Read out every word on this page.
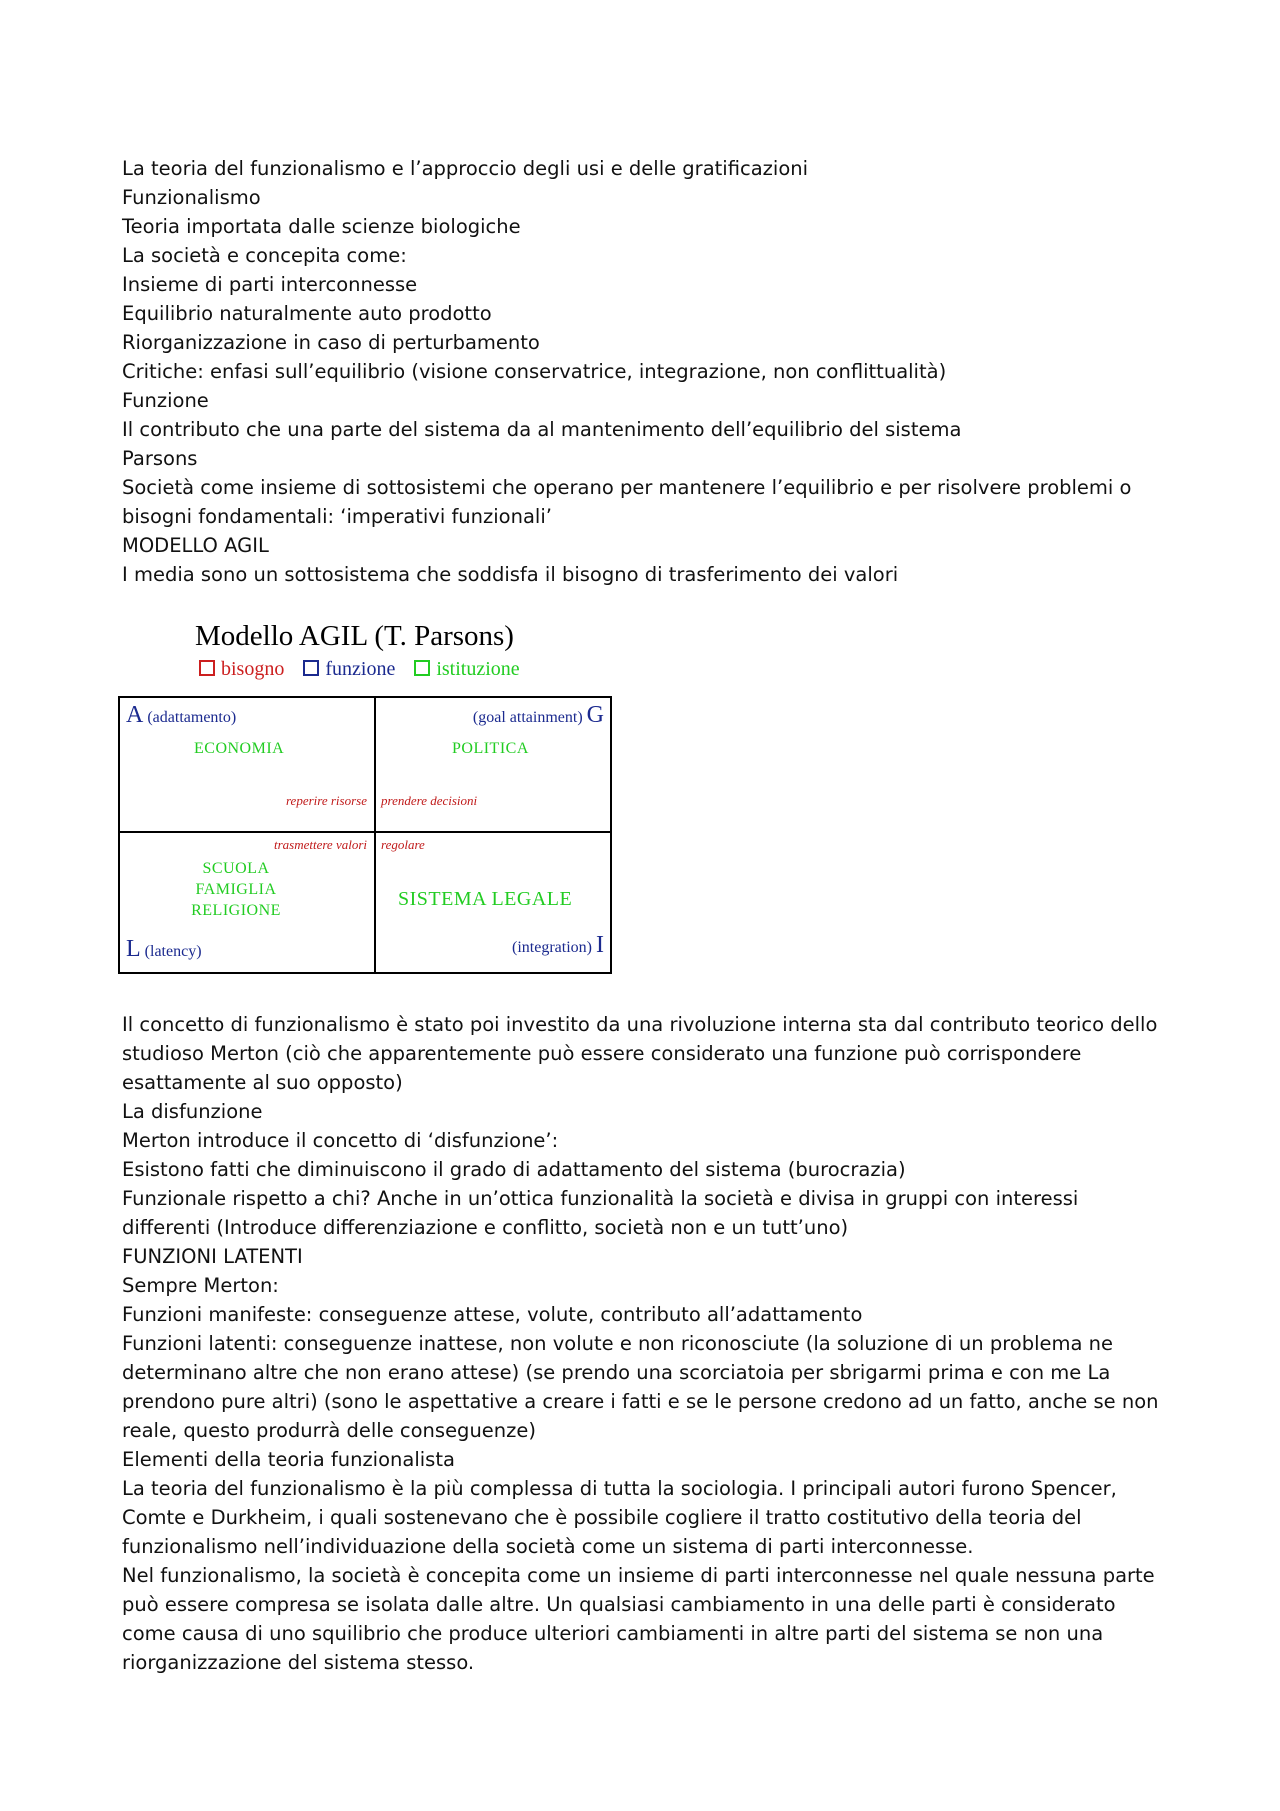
La teoria del funzionalismo e l’approccio degli usi e delle gratificazioni

Funzionalismo

Teoria importata dalle scienze biologiche

La società e concepita come:

Insieme di parti interconnesse

Equilibrio naturalmente auto prodotto

Riorganizzazione in caso di perturbamento

Critiche: enfasi sull’equilibrio (visione conservatrice, integrazione, non conflittualità)

Funzione

Il contributo che una parte del sistema da al mantenimento dell’equilibrio del sistema

Parsons

Società come insieme di sottosistemi che operano per mantenere l’equilibrio e per risolvere problemi o bisogni fondamentali: ‘imperativi funzionali’

MODELLO AGIL

I media sono un sottosistema che soddisfa il bisogno di trasferimento dei valori

Modello AGIL (T. Parsons)
bisogno funzione istituzione
A (adattamento)
ECONOMIA
reperire risorse
(goal attainment) G
POLITICA
prendere decisioni
trasmettere valori
SCUOLA
FAMIGLIA
RELIGIONE
L (latency)
regolare
SISTEMA LEGALE
(integration) I

Il concetto di funzionalismo è stato poi investito da una rivoluzione interna sta dal contributo teorico dello studioso Merton (ciò che apparentemente può essere considerato una funzione può corrispondere esattamente al suo opposto)

La disfunzione

Merton introduce il concetto di ‘disfunzione’:

Esistono fatti che diminuiscono il grado di adattamento del sistema (burocrazia)

Funzionale rispetto a chi? Anche in un’ottica funzionalità la società e divisa in gruppi con interessi differenti (Introduce differenziazione e conflitto, società non e un tutt’uno)

FUNZIONI LATENTI

Sempre Merton:

Funzioni manifeste: conseguenze attese, volute, contributo all’adattamento

Funzioni latenti: conseguenze inattese, non volute e non riconosciute (la soluzione di un problema ne determinano altre che non erano attese) (se prendo una scorciatoia per sbrigarmi prima e con me La prendono pure altri) (sono le aspettative a creare i fatti e se le persone credono ad un fatto, anche se non reale, questo produrrà delle conseguenze)

Elementi della teoria funzionalista

La teoria del funzionalismo è la più complessa di tutta la sociologia. I principali autori furono Spencer, Comte e Durkheim, i quali sostenevano che è possibile cogliere il tratto costitutivo della teoria del funzionalismo nell’individuazione della società come un sistema di parti interconnesse.

Nel funzionalismo, la società è concepita come un insieme di parti interconnesse nel quale nessuna parte può essere compresa se isolata dalle altre. Un qualsiasi cambiamento in una delle parti è considerato come causa di uno squilibrio che produce ulteriori cambiamenti in altre parti del sistema se non una riorganizzazione del sistema stesso.
